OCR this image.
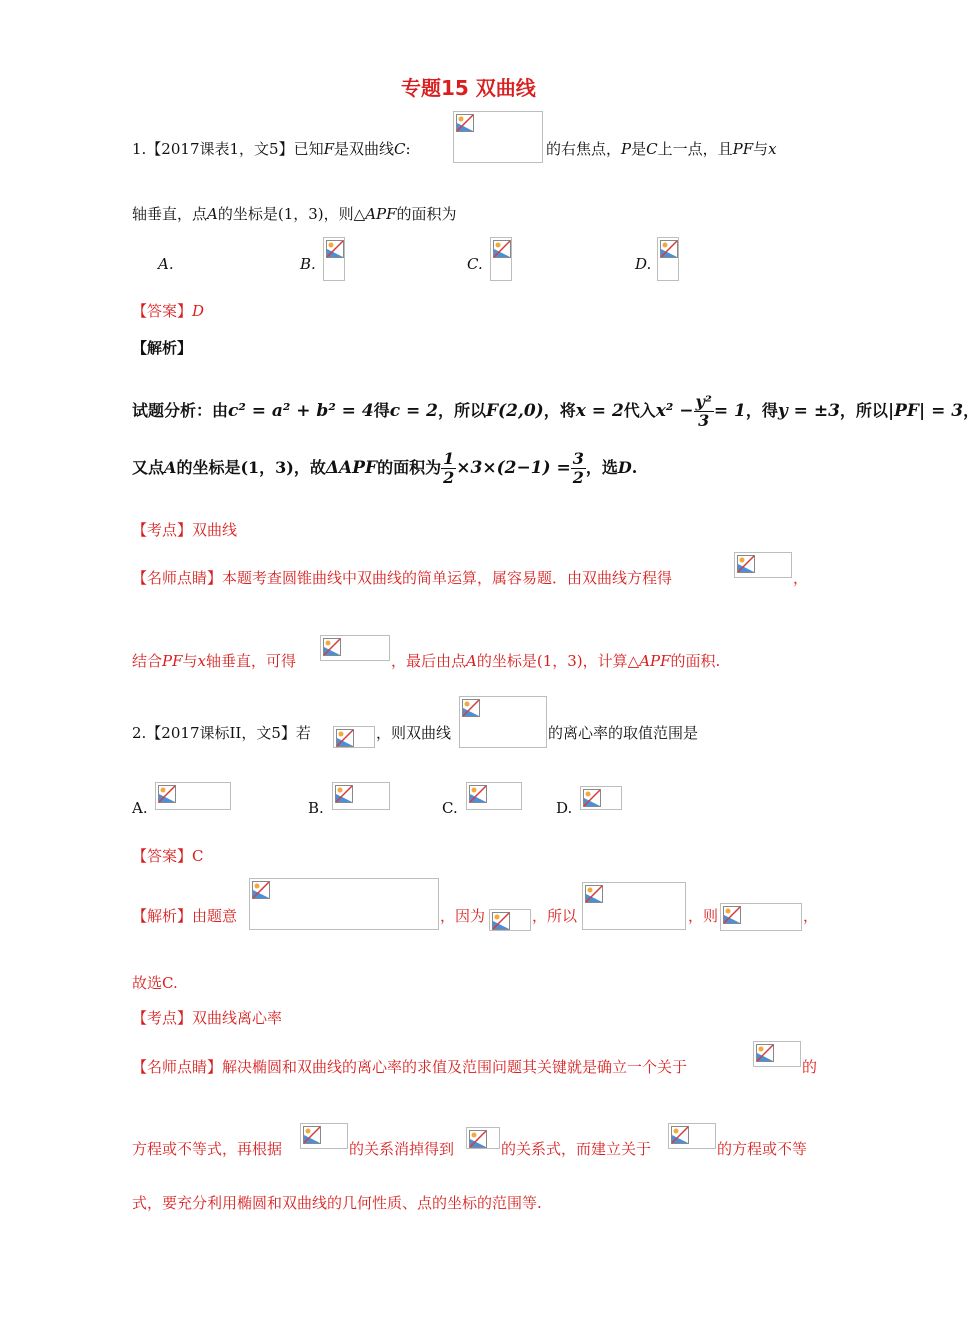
专题15 双曲线
1.【2017课表1，文5】已知F是双曲线C:	的右焦点，P是C上一点，且PF与x
轴垂直，点A的坐标是(1，3)，则△APF的面积为
A.	B.	C.	D.
【答案】D
【解析】
试题分析：由c² = a² + b² = 4得c = 2，所以F(2,0)，将x = 2代入$x^2 - \frac{\text{y²}}{3} = 1$，得y = ±3，所以|PF| = 3，
又点A的坐标是(1，3)，故ΔAPF的面积为 $\frac{1}{2} \times 3\times(2-1) = \frac{3}{2}$ ，选D.
【考点】双曲线
【名师点睛】本题考查圆锥曲线中双曲线的简单运算，属容易题．由双曲线方程得	，
结合PF与x轴垂直，可得	，最后由点A的坐标是(1，3)，计算△APF的面积.
2.【2017课标II，文5】若	，则双曲线	的离心率的取值范围是
A.	B.	C.	D.
【答案】C
【解析】由题意	，因为	，所以	，则	，
故选C.
【考点】双曲线离心率
【名师点睛】解决椭圆和双曲线的离心率的求值及范围问题其关键就是确立一个关于	的
方程或不等式，再根据	的关系消掉得到	的关系式，而建立关于	的方程或不等
式，要充分利用椭圆和双曲线的几何性质、点的坐标的范围等.
